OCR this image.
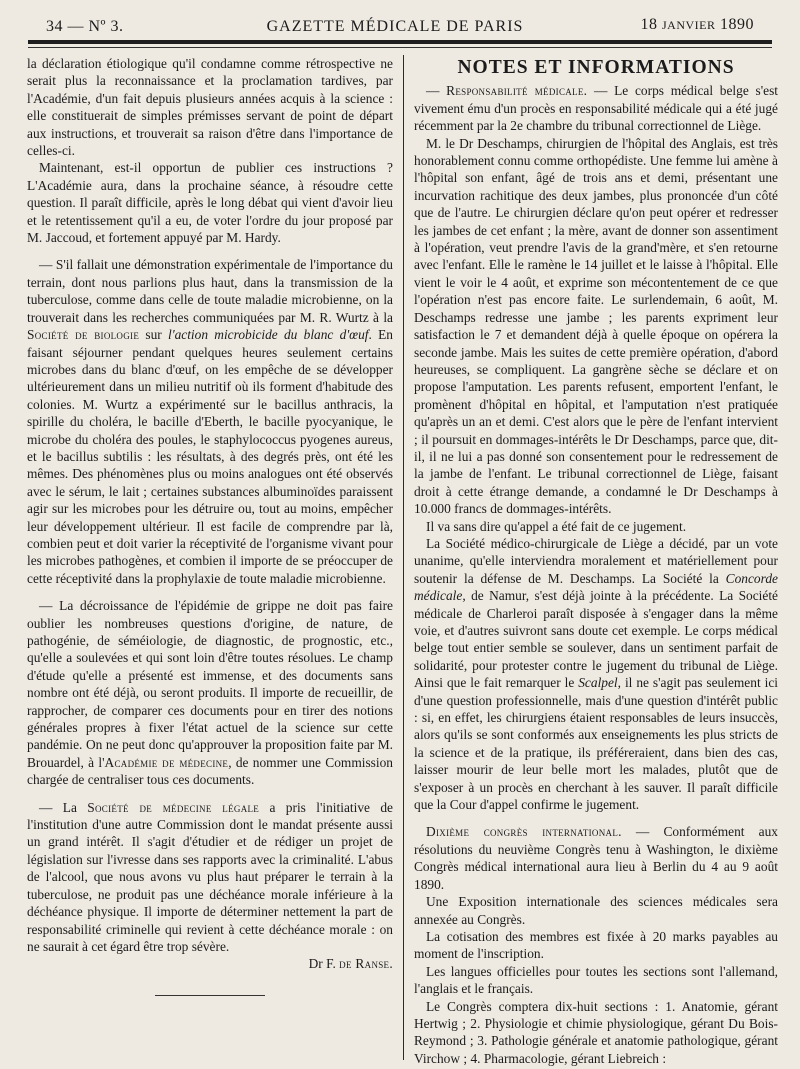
34 — Nº 3.	GAZETTE MÉDICALE DE PARIS	18 JANVIER 1890

la déclaration étiologique qu'il condamne comme rétrospective ne serait plus la reconnaissance et la proclamation tardives, par l'Académie, d'un fait depuis plusieurs années acquis à la science : elle constituerait de simples prémisses servant de point de départ aux instructions, et trouverait sa raison d'être dans l'importance de celles-ci.

Maintenant, est-il opportun de publier ces instructions ? L'Académie aura, dans la prochaine séance, à résoudre cette question. Il paraît difficile, après le long débat qui vient d'avoir lieu et le retentissement qu'il a eu, de voter l'ordre du jour proposé par M. Jaccoud, et fortement appuyé par M. Hardy.

— S'il fallait une démonstration expérimentale de l'importance du terrain, dont nous parlions plus haut, dans la transmission de la tuberculose, comme dans celle de toute maladie microbienne, on la trouverait dans les recherches communiquées par M. R. Wurtz à la Société de biologie sur l'action microbicide du blanc d'œuf. En faisant séjourner pendant quelques heures seulement certains microbes dans du blanc d'œuf, on les empêche de se développer ultérieurement dans un milieu nutritif où ils forment d'habitude des colonies. M. Wurtz a expérimenté sur le bacillus anthracis, la spirille du choléra, le bacille d'Eberth, le bacille pyocyanique, le microbe du choléra des poules, le staphylococcus pyogenes aureus, et le bacillus subtilis : les résultats, à des degrés près, ont été les mêmes. Des phénomènes plus ou moins analogues ont été observés avec le sérum, le lait ; certaines substances albuminoïdes paraissent agir sur les microbes pour les détruire ou, tout au moins, empêcher leur développement ultérieur. Il est facile de comprendre par là, combien peut et doit varier la réceptivité de l'organisme vivant pour les microbes pathogènes, et combien il importe de se préoccuper de cette réceptivité dans la prophylaxie de toute maladie microbienne.

— La décroissance de l'épidémie de grippe ne doit pas faire oublier les nombreuses questions d'origine, de nature, de pathogénie, de séméiologie, de diagnostic, de prognostic, etc., qu'elle a soulevées et qui sont loin d'être toutes résolues. Le champ d'étude qu'elle a présenté est immense, et des documents sans nombre ont été déjà, ou seront produits. Il importe de recueillir, de rapprocher, de comparer ces documents pour en tirer des notions générales propres à fixer l'état actuel de la science sur cette pandémie. On ne peut donc qu'approuver la proposition faite par M. Brouardel, à l'Académie de médecine, de nommer une Commission chargée de centraliser tous ces documents.

— La Société de médecine légale a pris l'initiative de l'institution d'une autre Commission dont le mandat présente aussi un grand intérêt. Il s'agit d'étudier et de rédiger un projet de législation sur l'ivresse dans ses rapports avec la criminalité. L'abus de l'alcool, que nous avons vu plus haut préparer le terrain à la tuberculose, ne produit pas une déchéance morale inférieure à la déchéance physique. Il importe de déterminer nettement la part de responsabilité criminelle qui revient à cette déchéance morale : on ne saurait à cet égard être trop sévère.

Dr F. de Ranse.

NOTES ET INFORMATIONS

— Responsabilité médicale. — Le corps médical belge s'est vivement ému d'un procès en responsabilité médicale qui a été jugé récemment par la 2e chambre du tribunal correctionnel de Liège.

M. le Dr Deschamps, chirurgien de l'hôpital des Anglais, est très honorablement connu comme orthopédiste. Une femme lui amène à l'hôpital son enfant, âgé de trois ans et demi, présentant une incurvation rachitique des deux jambes, plus prononcée d'un côté que de l'autre. Le chirurgien déclare qu'on peut opérer et redresser les jambes de cet enfant ; la mère, avant de donner son assentiment à l'opération, veut prendre l'avis de la grand'mère, et s'en retourne avec l'enfant. Elle le ramène le 14 juillet et le laisse à l'hôpital. Elle vient le voir le 4 août, et exprime son mécontentement de ce que l'opération n'est pas encore faite. Le surlendemain, 6 août, M. Deschamps redresse une jambe ; les parents expriment leur satisfaction le 7 et demandent déjà à quelle époque on opérera la seconde jambe. Mais les suites de cette première opération, d'abord heureuses, se compliquent. La gangrène sèche se déclare et on propose l'amputation. Les parents refusent, emportent l'enfant, le promènent d'hôpital en hôpital, et l'amputation n'est pratiquée qu'après un an et demi. C'est alors que le père de l'enfant intervient ; il poursuit en dommages-intérêts le Dr Deschamps, parce que, dit-il, il ne lui a pas donné son consentement pour le redressement de la jambe de l'enfant. Le tribunal correctionnel de Liège, faisant droit à cette étrange demande, a condamné le Dr Deschamps à 10.000 francs de dommages-intérêts.

Il va sans dire qu'appel a été fait de ce jugement.

La Société médico-chirurgicale de Liège a décidé, par un vote unanime, qu'elle interviendra moralement et matériellement pour soutenir la défense de M. Deschamps. La Société la Concorde médicale, de Namur, s'est déjà jointe à la précédente. La Société médicale de Charleroi paraît disposée à s'engager dans la même voie, et d'autres suivront sans doute cet exemple. Le corps médical belge tout entier semble se soulever, dans un sentiment parfait de solidarité, pour protester contre le jugement du tribunal de Liège. Ainsi que le fait remarquer le Scalpel, il ne s'agit pas seulement ici d'une question professionnelle, mais d'une question d'intérêt public : si, en effet, les chirurgiens étaient responsables de leurs insuccès, alors qu'ils se sont conformés aux enseignements les plus stricts de la science et de la pratique, ils préféreraient, dans bien des cas, laisser mourir de leur belle mort les malades, plutôt que de s'exposer à un procès en cherchant à les sauver. Il paraît difficile que la Cour d'appel confirme le jugement.

Dixième congrès international. — Conformément aux résolutions du neuvième Congrès tenu à Washington, le dixième Congrès médical international aura lieu à Berlin du 4 au 9 août 1890.

Une Exposition internationale des sciences médicales sera annexée au Congrès.

La cotisation des membres est fixée à 20 marks payables au moment de l'inscription.

Les langues officielles pour toutes les sections sont l'allemand, l'anglais et le français.

Le Congrès comptera dix-huit sections : 1. Anatomie, gérant Hertwig ; 2. Physiologie et chimie physiologique, gérant Du Bois-Reymond ; 3. Pathologie générale et anatomie pathologique, gérant Virchow ; 4. Pharmacologie, gérant Liebreich :
